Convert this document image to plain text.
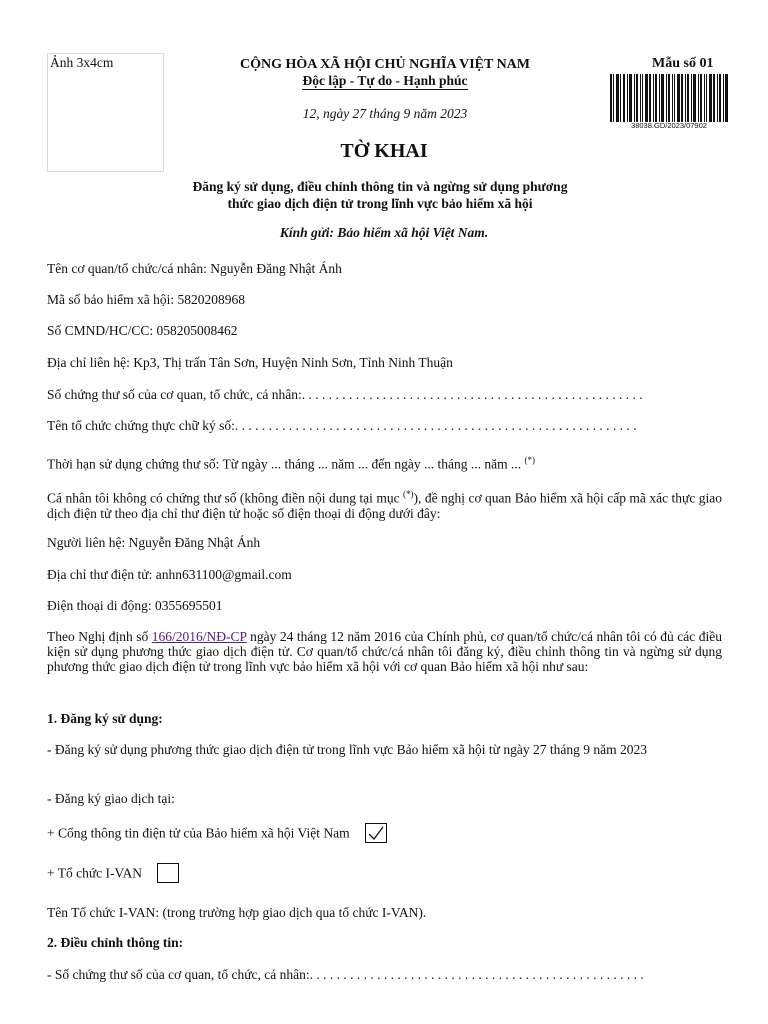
Ảnh 3x4cm	CỘNG HÒA XÃ HỘI CHỦ NGHĨA VIỆT NAM
Độc lập - Tự do - Hạnh phúc
12, ngày 27 tháng 9 năm 2023
Mẫu số 01
38038.GD/2023/07902
TỜ KHAI
Đăng ký sử dụng, điều chỉnh thông tin và ngừng sử dụng phương
thức giao dịch điện tử trong lĩnh vực bảo hiểm xã hội
Kính gửi: Bảo hiểm xã hội Việt Nam.
Tên cơ quan/tổ chức/cá nhân: Nguyễn Đăng Nhật Ánh
Mã số bảo hiểm xã hội: 5820208968
Số CMND/HC/CC: 058205008462
Địa chỉ liên hệ: Kp3, Thị trấn Tân Sơn, Huyện Ninh Sơn, Tỉnh Ninh Thuận
Số chứng thư số của cơ quan, tổ chức, cá nhân:. . . . . . . . . . . . . . . . . . . . . . . . . . . . . . . . . . . . . . . . . . . . . . . . . . .
Tên tổ chức chứng thực chữ ký số:. . . . . . . . . . . . . . . . . . . . . . . . . . . . . . . . . . . . . . . . . . . . . . . . . . . . . . . . . . . .
Thời hạn sử dụng chứng thư số: Từ ngày ... tháng ... năm ... đến ngày ... tháng ... năm ... (*)
Cá nhân tôi không có chứng thư số (không điền nội dung tại mục (*)), đề nghị cơ quan Bảo hiểm xã hội cấp mã xác thực giao dịch điện tử theo địa chỉ thư điện tử hoặc số điện thoại di động dưới đây:
Người liên hệ: Nguyễn Đăng Nhật Ánh
Địa chỉ thư điện tử: anhn631100@gmail.com
Điện thoại di động: 0355695501
Theo Nghị định số 166/2016/NĐ-CP ngày 24 tháng 12 năm 2016 của Chính phủ, cơ quan/tổ chức/cá nhân tôi có đủ các điều kiện sử dụng phương thức giao dịch điện tử. Cơ quan/tổ chức/cá nhân tôi đăng ký, điều chỉnh thông tin và ngừng sử dụng phương thức giao dịch điện tử trong lĩnh vực bảo hiểm xã hội với cơ quan Bảo hiểm xã hội như sau:
1. Đăng ký sử dụng:
- Đăng ký sử dụng phương thức giao dịch điện tử trong lĩnh vực Bảo hiểm xã hội từ ngày 27 tháng 9 năm 2023
- Đăng ký giao dịch tại:
+ Cổng thông tin điện tử của Bảo hiểm xã hội Việt Nam
+ Tổ chức I-VAN
Tên Tổ chức I-VAN: (trong trường hợp giao dịch qua tổ chức I-VAN).
2. Điều chỉnh thông tin:
- Số chứng thư số của cơ quan, tổ chức, cá nhân:. . . . . . . . . . . . . . . . . . . . . . . . . . . . . . . . . . . . . . . . . . . . . . . . . .
